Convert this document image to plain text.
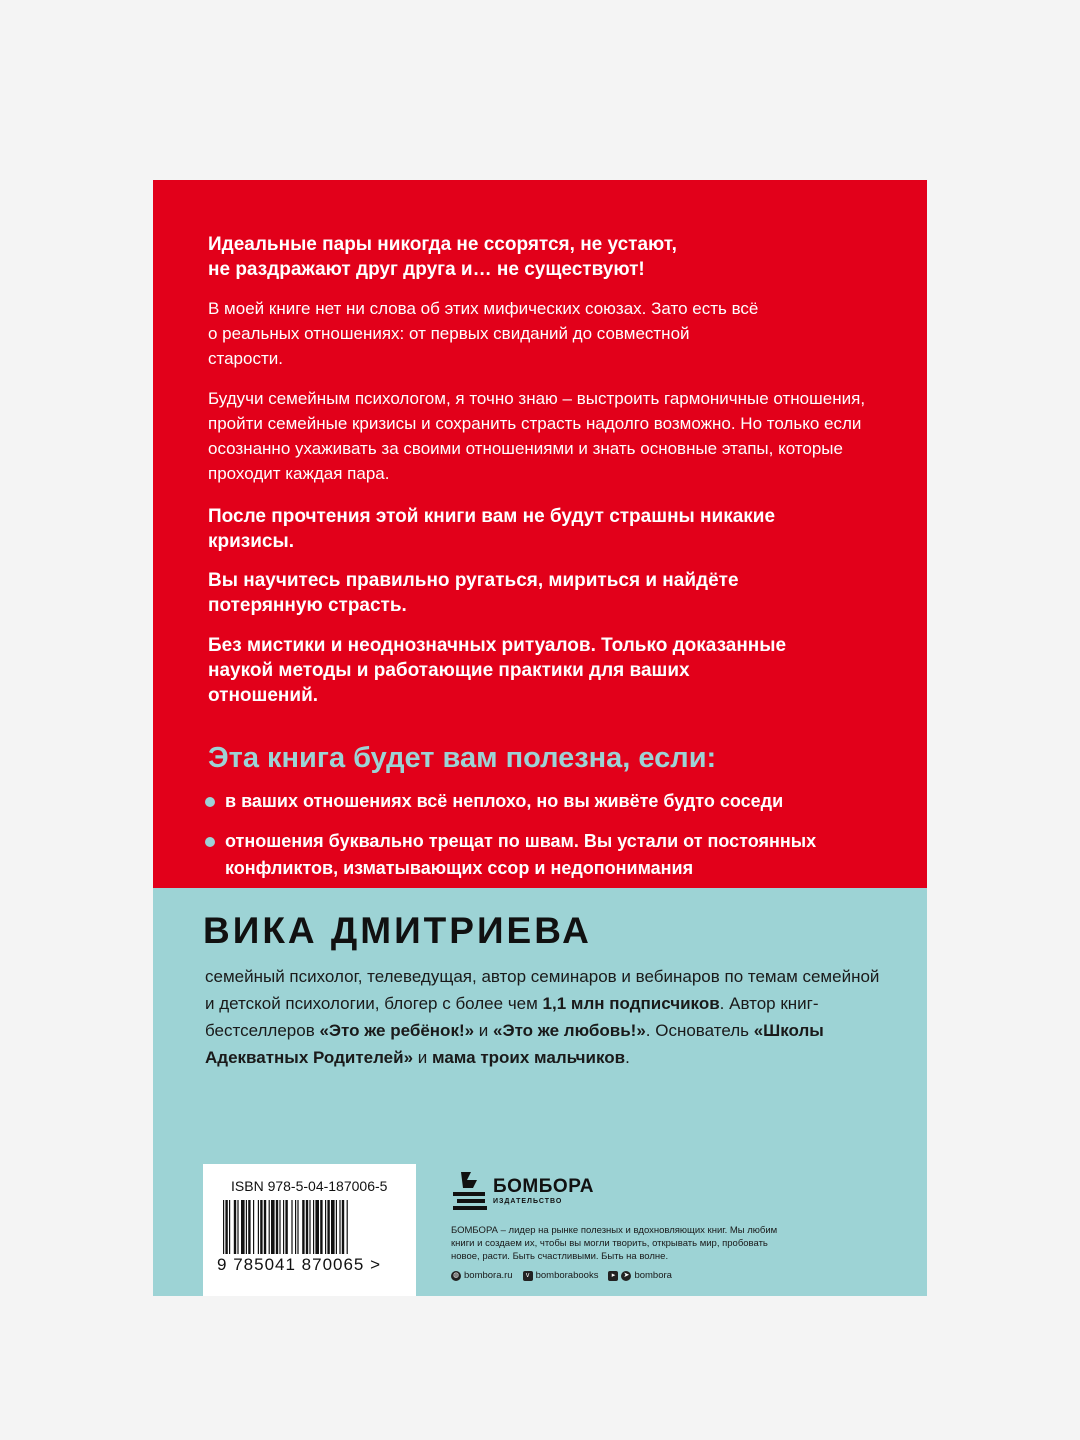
Идеальные пары никогда не ссорятся, не устают,
не раздражают друг друга и… не существуют!

В моей книге нет ни слова об этих мифических союзах. Зато есть всё о реальных отношениях: от первых свиданий до совместной старости.

Будучи семейным психологом, я точно знаю – выстроить гармоничные отношения, пройти семейные кризисы и сохранить страсть надолго возможно. Но только если осознанно ухаживать за своими отношениями и знать основные этапы, которые проходит каждая пара.

После прочтения этой книги вам не будут страшны никакие кризисы.

Вы научитесь правильно ругаться, мириться и найдёте потерянную страсть.

Без мистики и неоднозначных ритуалов. Только доказанные наукой методы и работающие практики для ваших отношений.

Эта книга будет вам полезна, если:

в ваших отношениях всё неплохо, но вы живёте будто соседи
отношения буквально трещат по швам. Вы устали от постоянных конфликтов, изматывающих ссор и недопонимания

ВИКА ДМИТРИЕВА

семейный психолог, телеведущая, автор семинаров и вебинаров по темам семейной и детской психологии, блогер с более чем 1,1 млн подписчиков. Автор книг-бестселлеров «Это же ребёнок!» и «Это же любовь!». Основатель «Школы Адекватных Родителей» и мама троих мальчиков.

ISBN 978-5-04-187006-5
9 785041 870065 >
БОМБОРА
ИЗДАТЕЛЬСТВО

БОМБОРА – лидер на рынке полезных и вдохновляющих книг. Мы любим книги и создаем их, чтобы вы могли творить, открывать мир, пробовать новое, расти. Быть счастливыми. Быть на волне.

◍ bombora.ru	v bomborabooks	▸	➤ bombora
